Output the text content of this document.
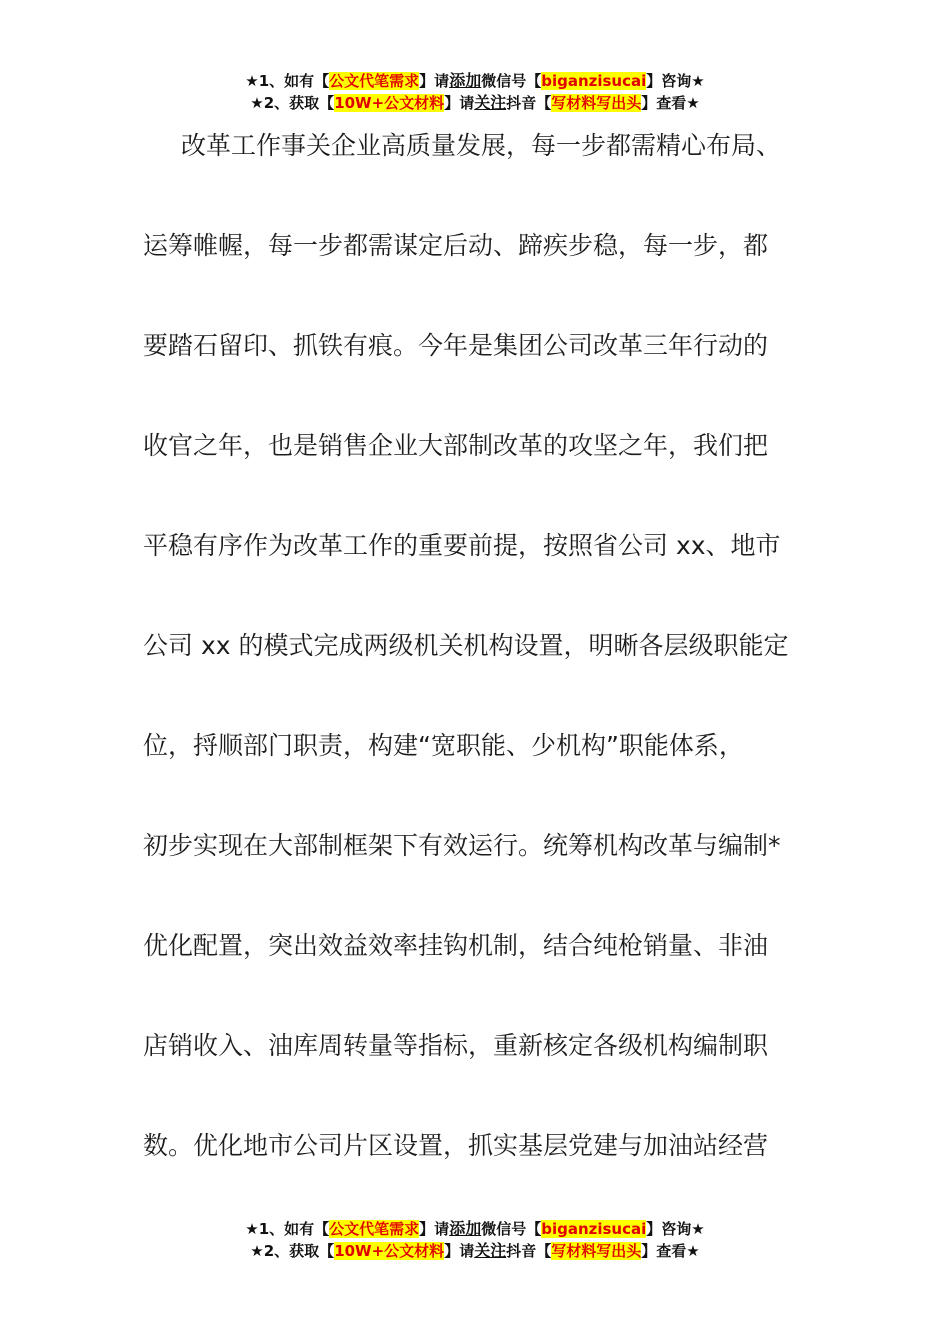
★1、如有【公文代笔需求】请添加微信号【biganzisucai】咨询★
★2、获取【10W+公文材料】请关注抖音【写材料写出头】查看★
改革工作事关企业高质量发展，每一步都需精心布局、
运筹帷幄，每一步都需谋定后动、蹄疾步稳，每一步，都
要踏石留印、抓铁有痕。今年是集团公司改革三年行动的
收官之年，也是销售企业大部制改革的攻坚之年，我们把
平稳有序作为改革工作的重要前提，按照省公司 xx、地市
公司 xx 的模式完成两级机关机构设置，明晰各层级职能定
位，捋顺部门职责，构建“宽职能、少机构”职能体系，
初步实现在大部制框架下有效运行。统筹机构改革与编制*
优化配置，突出效益效率挂钩机制，结合纯枪销量、非油
店销收入、油库周转量等指标，重新核定各级机构编制职
数。优化地市公司片区设置，抓实基层党建与加油站经营
★1、如有【公文代笔需求】请添加微信号【biganzisucai】咨询★
★2、获取【10W+公文材料】请关注抖音【写材料写出头】查看★
